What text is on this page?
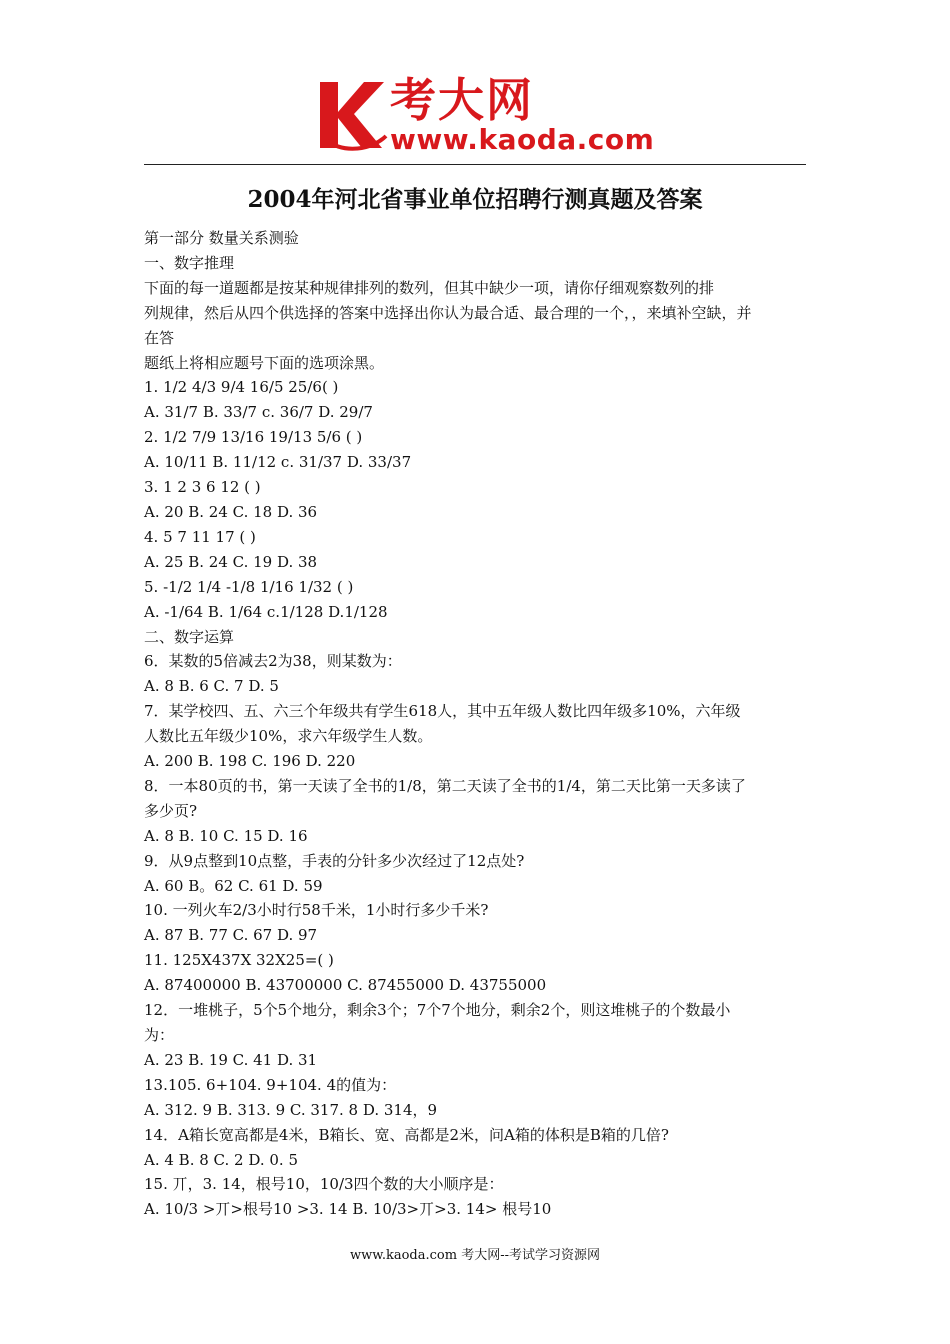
考大网
www.kaoda.com
2004年河北省事业单位招聘行测真题及答案

第一部分 数量关系测验

一、数字推理

下面的每一道题都是按某种规律排列的数列，但其中缺少一项，请你仔细观察数列的排

列规律，然后从四个供选择的答案中选择出你认为最合适、最合理的一个，，来填补空缺，并

在答

题纸上将相应题号下面的选项涂黑。

1. 1/2 4/3 9/4 16/5 25/6( )

A. 31/7 B. 33/7 c. 36/7 D. 29/7

2. 1/2 7/9 13/16 19/13 5/6 ( )

A. 10/11 B. 11/12 c. 31/37 D. 33/37

3. 1 2 3 6 12 ( )

A. 20 B. 24 C. 18 D. 36

4. 5 7 11 17 ( )

A. 25 B. 24 C. 19 D. 38

5. -1/2 1/4 -1/8 1/16 1/32 ( )

A. -1/64 B. 1/64 c.1/128 D.1/128

二、数字运算

6．某数的5倍减去2为38，则某数为：

A. 8 B. 6 C. 7 D. 5

7．某学校四、五、六三个年级共有学生618人，其中五年级人数比四年级多10%，六年级

人数比五年级少10%，求六年级学生人数。

A. 200 B. 198 C. 196 D. 220

8．一本80页的书，第一天读了全书的1/8，第二天读了全书的1/4，第二天比第一天多读了

多少页?

A. 8 B. 10 C. 15 D. 16

9．从9点整到10点整，手表的分针多少次经过了12点处?

A. 60 B。62 C. 61 D. 59

10. 一列火车2/3小时行58千米，1小时行多少千米?

A. 87 B. 77 C. 67 D. 97

11. 125X437X 32X25=( )

A. 87400000 B. 43700000 C. 87455000 D. 43755000

12．一堆桃子，5个5个地分，剩余3个；7个7个地分，剩余2个，则这堆桃子的个数最小

为：

A. 23 B. 19 C. 41 D. 31

13.105. 6+104. 9+104. 4的值为：

A. 312. 9 B. 313. 9 C. 317. 8 D. 314，9

14．A箱长宽高都是4米，B箱长、宽、高都是2米，问A箱的体积是B箱的几倍?

A. 4 B. 8 C. 2 D. 0. 5

15. 丌，3. 14，根号10，10/3四个数的大小顺序是：

A. 10/3 >丌>根号10 >3. 14 B. 10/3>丌>3. 14> 根号10

www.kaoda.com 考大网--考试学习资源网
